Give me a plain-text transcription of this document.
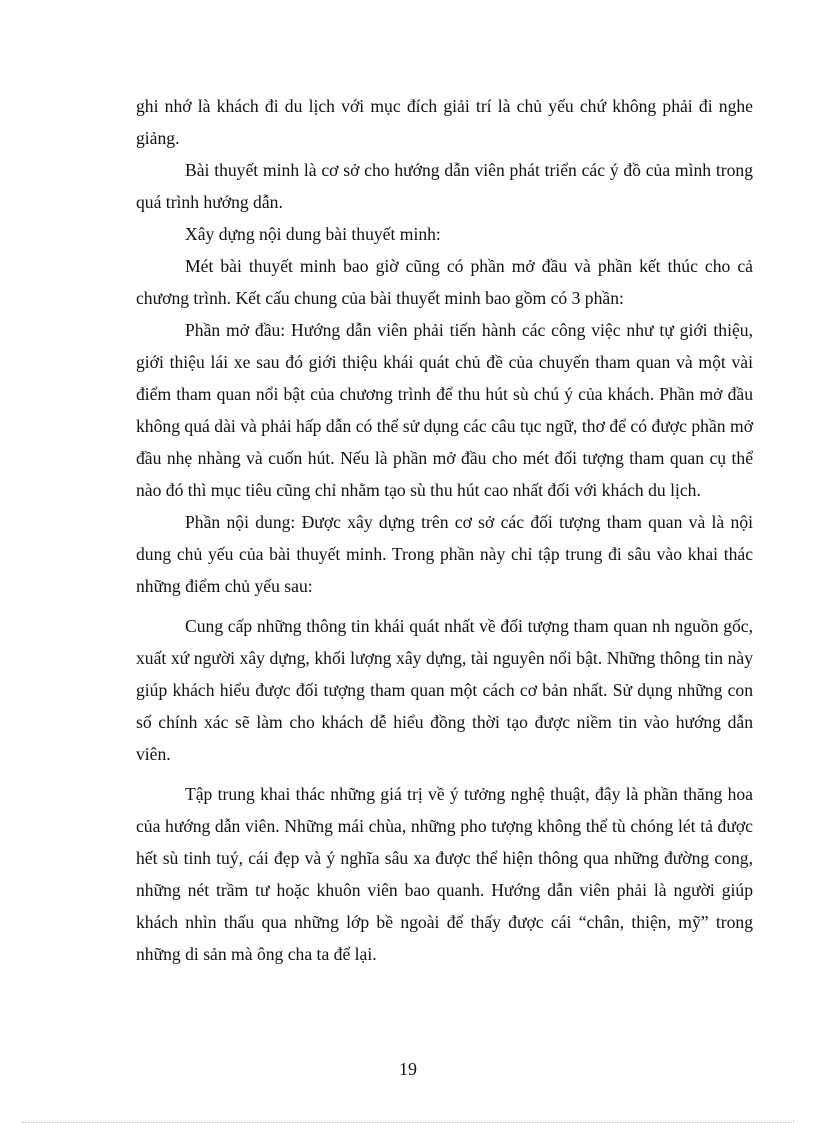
ghi nhớ là khách đi du lịch với mục đích giải trí là chủ yếu chứ không phải đi nghe giảng.

Bài thuyết minh là cơ sở cho hướng dẫn viên phát triển các ý đồ của mình trong quá trình hướng dẫn.

Xây dựng nội dung bài thuyết minh:

Mét bài thuyết minh bao giờ cũng có phần mở đầu và phần kết thúc cho cả chương trình. Kết cấu chung của bài thuyết minh bao gồm có 3 phần:

Phần mở đầu: Hướng dẫn viên phải tiến hành các công việc như tự giới thiệu, giới thiệu lái xe sau đó giới thiệu khái quát chủ đề của chuyến tham quan và một vài điểm tham quan nổi bật của chương trình để thu hút sù chú ý của khách. Phần mở đầu không quá dài và phải hấp dẫn có thể sử dụng các câu tục ngữ, thơ để có được phần mở đầu nhẹ nhàng và cuốn hút. Nếu là phần mở đầu cho mét đối tượng tham quan cụ thể nào đó thì mục tiêu cũng chỉ nhằm tạo sù thu hút cao nhất đối với khách du lịch.

Phần nội dung: Được xây dựng trên cơ sở các đối tượng tham quan và là nội dung chủ yếu của bài thuyết minh. Trong phần này chỉ tập trung đi sâu vào khai thác những điểm chủ yếu sau:

Cung cấp những thông tin khái quát nhất về đối tượng tham quan nh nguồn gốc, xuất xứ người xây dựng, khối lượng xây dựng, tài nguyên nổi bật. Những thông tin này giúp khách hiểu được đối tượng tham quan một cách cơ bản nhất. Sử dụng những con số chính xác sẽ làm cho khách dễ hiểu đồng thời tạo được niềm tin vào hướng dẫn viên.

Tập trung khai thác những giá trị về ý tưởng nghệ thuật, đây là phần thăng hoa của hướng dẫn viên. Những mái chùa, những pho tượng không thể tù chóng lét tả được hết sù tinh tuý, cái đẹp và ý nghĩa sâu xa được thể hiện thông qua những đường cong, những nét trầm tư hoặc khuôn viên bao quanh. Hướng dẫn viên phải là người giúp khách nhìn thấu qua những lớp bề ngoài để thấy được cái “chân, thiện, mỹ” trong những di sản mà ông cha ta để lại.

19
